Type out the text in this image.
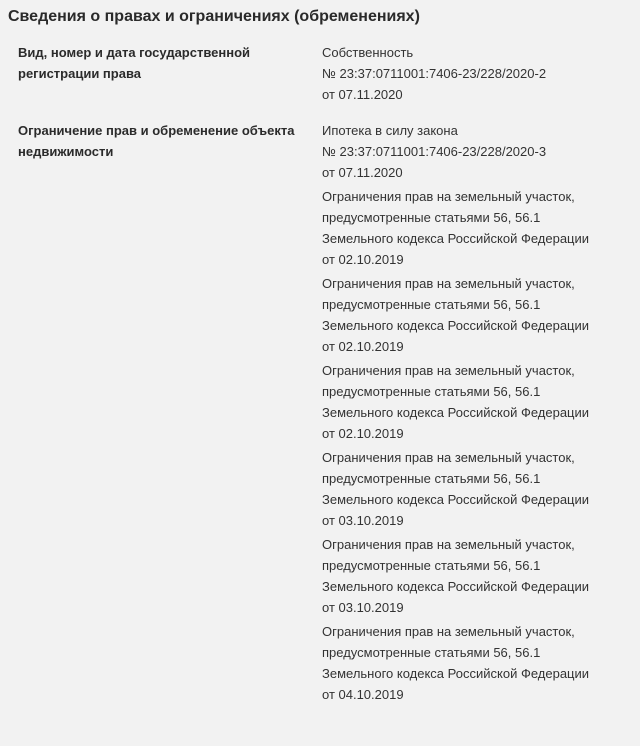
Сведения о правах и ограничениях (обременениях)
Вид, номер и дата государственной регистрации права
Собственность
№ 23:37:0711001:7406-23/228/2020-2
от 07.11.2020
Ограничение прав и обременение объекта недвижимости
Ипотека в силу закона
№ 23:37:0711001:7406-23/228/2020-3
от 07.11.2020
Ограничения прав на земельный участок,
предусмотренные статьями 56, 56.1
Земельного кодекса Российской Федерации
от 02.10.2019
Ограничения прав на земельный участок,
предусмотренные статьями 56, 56.1
Земельного кодекса Российской Федерации
от 02.10.2019
Ограничения прав на земельный участок,
предусмотренные статьями 56, 56.1
Земельного кодекса Российской Федерации
от 02.10.2019
Ограничения прав на земельный участок,
предусмотренные статьями 56, 56.1
Земельного кодекса Российской Федерации
от 03.10.2019
Ограничения прав на земельный участок,
предусмотренные статьями 56, 56.1
Земельного кодекса Российской Федерации
от 03.10.2019
Ограничения прав на земельный участок,
предусмотренные статьями 56, 56.1
Земельного кодекса Российской Федерации
от 04.10.2019
